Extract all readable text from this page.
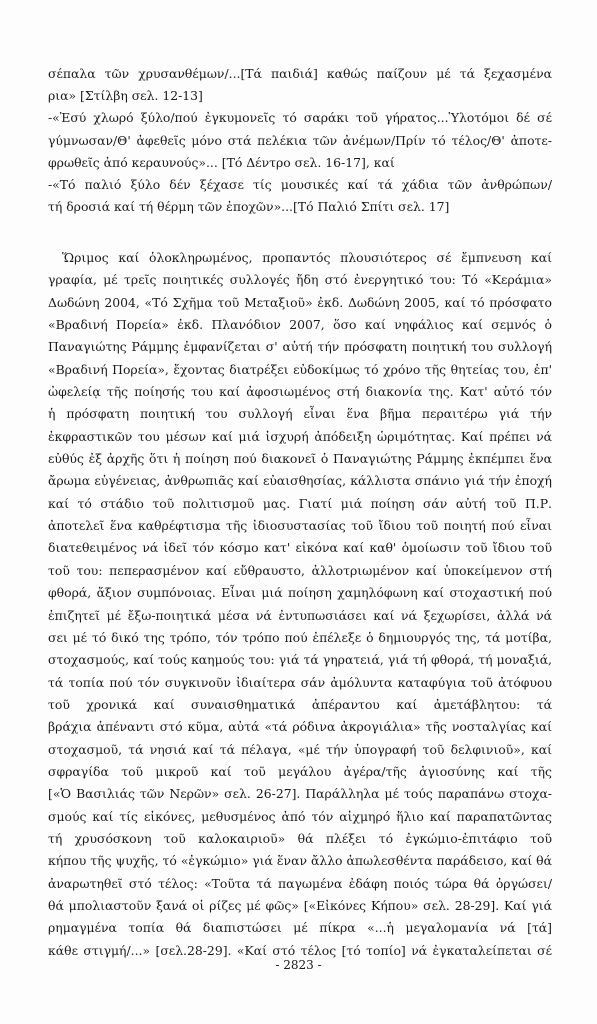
σέπαλα τῶν χρυσανθέμων/...[Τά παιδιά] καθώς παίζουν μέ τά ξεχασμένα
ρια» [Στίλβη σελ. 12-13]
-«Ἐσύ χλωρό ξύλο/πού ἐγκυμονεῖς τό σαράκι τοῦ γήρατος...Ὑλοτόμοι δέ σέ
γύμνωσαν/Θ' ἀφεθεῖς μόνο στά πελέκια τῶν ἀνέμων/Πρίν τό τέλος/Θ' ἀποτε-
φρωθεῖς ἀπό κεραυνούς»... [Τό Δέντρο σελ. 16-17], καί
-«Τό παλιό ξύλο δέν ξέχασε τίς μουσικές καί τά χάδια τῶν ἀνθρώπων/
τή δροσιά καί τή θέρμη τῶν ἐποχῶν»...[Τό Παλιό Σπίτι σελ. 17]
Ὥριμος καί ὁλοκληρωμένος, προπαντός πλουσιότερος σέ ἔμπνευση καί
γραφία, μέ τρεῖς ποιητικές συλλογές ἤδη στό ἐνεργητικό του: Τό «Κεράμια»
Δωδώνη 2004, «Τό Σχῆμα τοῦ Μεταξιοῦ» ἐκδ. Δωδώνη 2005, καί τό πρόσφατο
«Βραδινή Πορεία» ἐκδ. Πλανόδιον 2007, ὅσο καί νηφάλιος καί σεμνός ὁ
Παναγιώτης Ράμμης ἐμφανίζεται σ' αὐτή τήν πρόσφατη ποιητική του συλλογή
«Βραδινή Πορεία», ἔχοντας διατρέξει εὐδοκίμως τό χρόνο τῆς θητείας του, ἐπ'
ὠφελείᾳ τῆς ποίησής του καί ἀφοσιωμένος στή διακονία της. Κατ' αὐτό τόν
ἡ πρόσφατη ποιητική του συλλογή εἶναι ἕνα βῆμα περαιτέρω γιά τήν
ἐκφραστικῶν του μέσων καί μιά ἰσχυρή ἀπόδειξη ὡριμότητας. Καί πρέπει νά
εὐθύς ἐξ ἀρχῆς ὅτι ἡ ποίηση πού διακονεῖ ὁ Παναγιώτης Ράμμης ἐκπέμπει ἕνα
ἄρωμα εὐγένειας, ἀνθρωπιᾶς καί εὐαισθησίας, κάλλιστα σπάνιο γιά τήν ἐποχή
καί τό στάδιο τοῦ πολιτισμοῦ μας. Γιατί μιά ποίηση σάν αὐτή τοῦ Π.Ρ.
ἀποτελεῖ ἕνα καθρέφτισμα τῆς ἰδιοσυστασίας τοῦ ἴδιου τοῦ ποιητή πού εἶναι
διατεθειμένος νά ἰδεῖ τόν κόσμο κατ' εἰκόνα καί καθ' ὁμοίωσιν τοῦ ἴδιου τοῦ
τοῦ του: πεπερασμένον καί εὔθραυστο, ἀλλοτριωμένον καί ὑποκείμενον στή
φθορά, ἄξιον συμπόνοιας. Εἶναι μιά ποίηση χαμηλόφωνη καί στοχαστική πού
ἐπιζητεῖ μέ ἔξω-ποιητικά μέσα νά ἐντυπωσιάσει καί νά ξεχωρίσει, ἀλλά νά
σει μέ τό δικό της τρόπο, τόν τρόπο πού ἐπέλεξε ὁ δημιουργός της, τά μοτίβα,
στοχασμούς, καί τούς καημούς του: γιά τά γηρατειά, γιά τή φθορά, τή μοναξιά,
τά τοπία πού τόν συγκινοῦν ἰδιαίτερα σάν ἀμόλυντα καταφύγια τοῦ ἀτόφυου
τοῦ χρονικά καί συναισθηματικά ἀπέραντου καί ἀμετάβλητου: τά
βράχια ἀπέναντι στό κῦμα, αὐτά «τά ρόδινα ἀκρογιάλια» τῆς νοσταλγίας καί
στοχασμοῦ, τά νησιά καί τά πέλαγα, «μέ τήν ὑπογραφή τοῦ δελφινιοῦ», καί
σφραγίδα τοῦ μικροῦ καί τοῦ μεγάλου ἀγέρα/τῆς ἁγιοσύνης καί τῆς
[«Ὁ Βασιλιάς τῶν Νερῶν» σελ. 26-27]. Παράλληλα μέ τούς παραπάνω στοχα-
σμούς καί τίς εἰκόνες, μεθυσμένος ἀπό τόν αἰχμηρό ἥλιο καί παραπατῶντας
τή χρυσόσκονη τοῦ καλοκαιριοῦ» θά πλέξει τό ἐγκώμιο-ἐπιτάφιο τοῦ
κήπου τῆς ψυχῆς, τό «ἐγκώμιο» γιά ἕναν ἄλλο ἀπωλεσθέντα παράδεισο, καί θά
ἀναρωτηθεῖ στό τέλος: «Τοῦτα τά παγωμένα ἐδάφη ποιός τώρα θά ὀργώσει/
θά μπολιαστοῦν ξανά οἱ ρίζες μέ φῶς» [«Εἰκόνες Κήπου» σελ. 28-29]. Καί γιά
ρημαγμένα τοπία θά διαπιστώσει μέ πίκρα «...ἡ μεγαλομανία νά [τά]
κάθε στιγμή/...» [σελ.28-29]. «Καί στό τέλος [τό τοπίο] νά ἐγκαταλείπεται σέ
- 2823 -
